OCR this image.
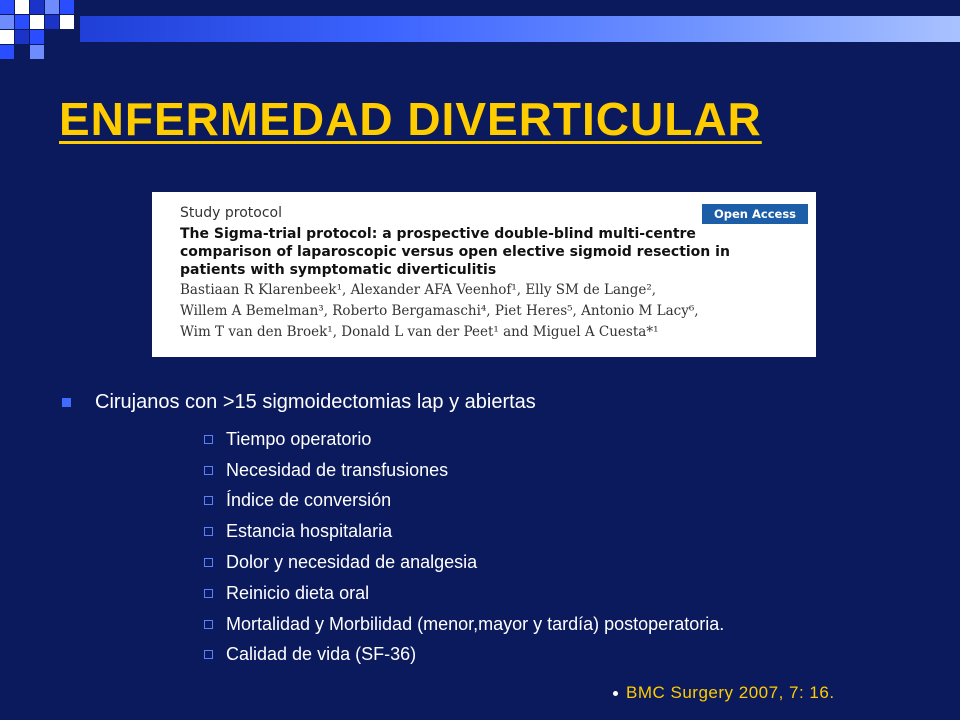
ENFERMEDAD DIVERTICULAR
Study protocol	Open Access
The Sigma-trial protocol: a prospective double-blind multi-centre comparison of laparoscopic versus open elective sigmoid resection in patients with symptomatic diverticulitis
Bastiaan R Klarenbeek¹, Alexander AFA Veenhof¹, Elly SM de Lange²,
Willem A Bemelman³, Roberto Bergamaschi⁴, Piet Heres⁵, Antonio M Lacy⁶,
Wim T van den Broek¹, Donald L van der Peet¹ and Miguel A Cuesta*¹
Cirujanos con >15 sigmoidectomias lap y abiertas
Tiempo operatorio
Necesidad de transfusiones
Índice de conversión
Estancia hospitalaria
Dolor y necesidad de analgesia
Reinicio dieta oral
Mortalidad y Morbilidad (menor,mayor y tardía) postoperatoria.
Calidad de vida (SF-36)
BMC Surgery 2007, 7: 16.
